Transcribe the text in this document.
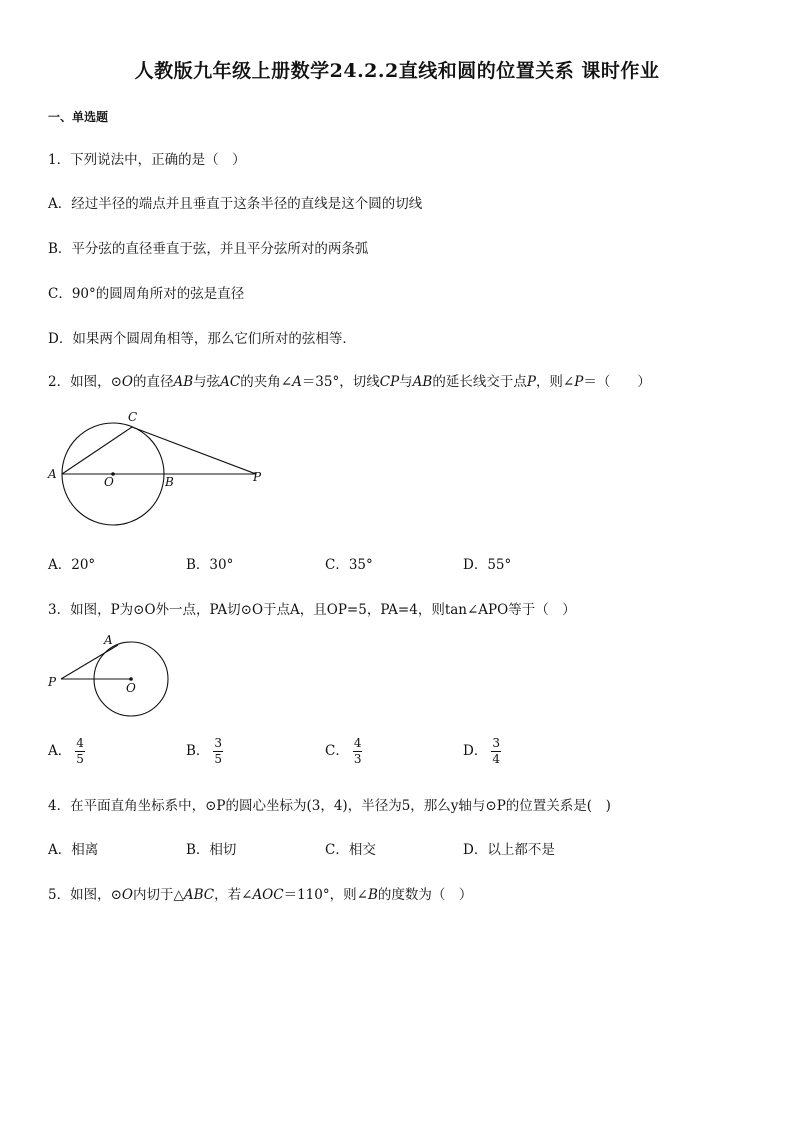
人教版九年级上册数学24.2.2直线和圆的位置关系 课时作业
一、单选题
1．下列说法中，正确的是（　）
A．经过半径的端点并且垂直于这条半径的直线是这个圆的切线
B．平分弦的直径垂直于弦，并且平分弦所对的两条弧
C．90°的圆周角所对的弦是直径
D．如果两个圆周角相等，那么它们所对的弦相等．
2．如图，⊙O的直径AB与弦AC的夹角∠A＝35°，切线CP与AB的延长线交于点P，则∠P＝（　　）
A
O	B
C
P
A．20°	B．30°	C．35°	D．55°
3．如图，P为⊙O外一点，PA切⊙O于点A，且OP=5，PA=4，则tan∠APO等于（　）
A
P	O
A． $\frac{4}{5}$	B． $\frac{3}{5}$	C． $\frac{4}{3}$	D． $\frac{3}{4}$
4．在平面直角坐标系中，⊙P的圆心坐标为(3，4)，半径为5，那么y轴与⊙P的位置关系是(　)
A．相离	B．相切	C．相交	D．以上都不是
5．如图，⊙O内切于△ABC，若∠AOC＝110°，则∠B的度数为（　）
